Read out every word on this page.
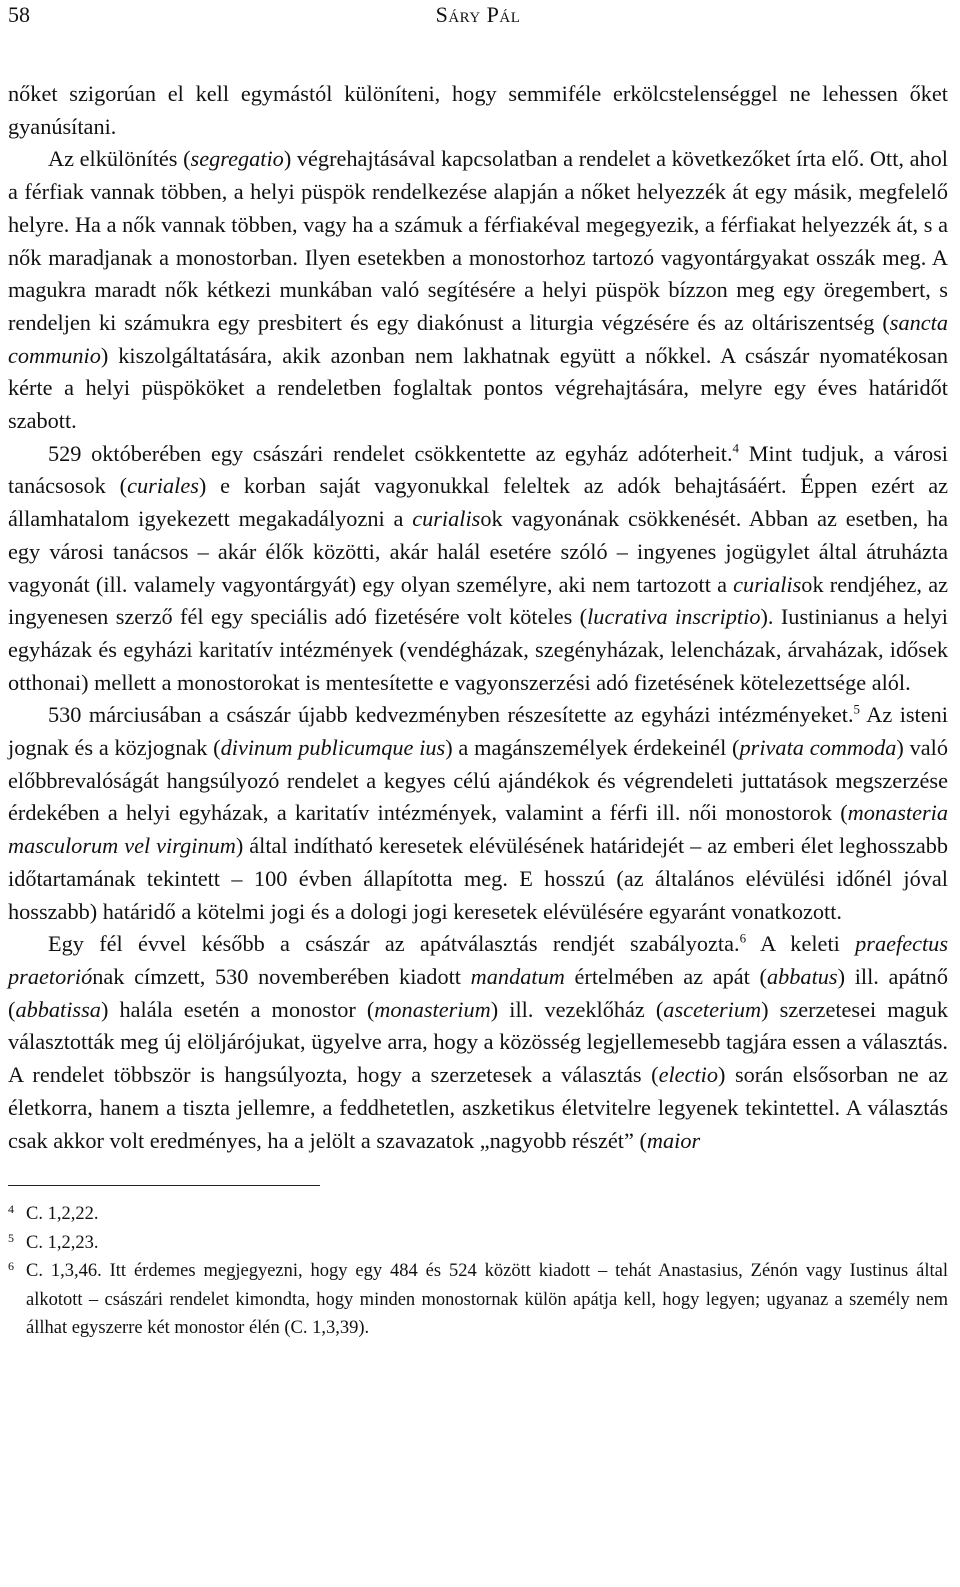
58	Sáry Pál

nőket szigorúan el kell egymástól különíteni, hogy semmiféle erkölcstelenséggel ne lehessen őket gyanúsítani.

Az elkülönítés (segregatio) végrehajtásával kapcsolatban a rendelet a következőket írta elő. Ott, ahol a férfiak vannak többen, a helyi püspök rendelkezése alapján a nőket helyezzék át egy másik, megfelelő helyre. Ha a nők vannak többen, vagy ha a számuk a férfiakéval megegyezik, a férfiakat helyezzék át, s a nők maradjanak a monostorban. Ilyen esetekben a monostorhoz tartozó vagyontárgyakat osszák meg. A magukra maradt nők kétkezi munkában való segítésére a helyi püspök bízzon meg egy öregembert, s rendeljen ki számukra egy presbitert és egy diakónust a liturgia végzésére és az oltáriszentség (sancta communio) kiszolgáltatására, akik azonban nem lakhatnak együtt a nőkkel. A császár nyomatékosan kérte a helyi püspököket a rendeletben foglaltak pontos végrehajtására, melyre egy éves határidőt szabott.

529 októberében egy császári rendelet csökkentette az egyház adóterheit.$^4$ Mint tudjuk, a városi tanácsosok (curiales) e korban saját vagyonukkal feleltek az adók behajtásáért. Éppen ezért az államhatalom igyekezett megakadályozni a curialisok vagyonának csökkenését. Abban az esetben, ha egy városi tanácsos – akár élők közötti, akár halál esetére szóló – ingyenes jogügylet által átruházta vagyonát (ill. valamely vagyontárgyát) egy olyan személyre, aki nem tartozott a curialisok rendjéhez, az ingyenesen szerző fél egy speciális adó fizetésére volt köteles (lucrativa inscriptio). Iustinianus a helyi egyházak és egyházi karitatív intézmények (vendégházak, szegényházak, lelencházak, árvaházak, idősek otthonai) mellett a monostorokat is mentesítette e vagyonszerzési adó fizetésének kötelezettsége alól.

530 márciusában a császár újabb kedvezményben részesítette az egyházi intézményeket.$^5$ Az isteni jognak és a közjognak (divinum publicumque ius) a magánszemélyek érdekeinél (privata commoda) való előbbrevalóságát hangsúlyozó rendelet a kegyes célú ajándékok és végrendeleti juttatások megszerzése érdekében a helyi egyházak, a karitatív intézmények, valamint a férfi ill. női monostorok (monasteria masculorum vel virginum) által indítható keresetek elévülésének határidejét – az emberi élet leghosszabb időtartamának tekintett – 100 évben állapította meg. E hosszú (az általános elévülési időnél jóval hosszabb) határidő a kötelmi jogi és a dologi jogi keresetek elévülésére egyaránt vonatkozott.

Egy fél évvel később a császár az apátválasztás rendjét szabályozta.$^6$ A keleti praefectus praetoriónak címzett, 530 novemberében kiadott mandatum értelmében az apát (abbatus) ill. apátnő (abbatissa) halála esetén a monostor (monasterium) ill. vezeklőház (asceterium) szerzetesei maguk választották meg új elöljárójukat, ügyelve arra, hogy a közösség legjellemesebb tagjára essen a választás. A rendelet többször is hangsúlyozta, hogy a szerzetesek a választás (electio) során elsősorban ne az életkorra, hanem a tiszta jellemre, a feddhetetlen, aszketikus életvitelre legyenek tekintettel. A választás csak akkor volt eredményes, ha a jelölt a szavazatok „nagyobb részét” (maior

4 C. 1,2,22.
5 C. 1,2,23.
6 C. 1,3,46. Itt érdemes megjegyezni, hogy egy 484 és 524 között kiadott – tehát Anastasius, Zénón vagy Iustinus által alkotott – császári rendelet kimondta, hogy minden monostornak külön apátja kell, hogy legyen; ugyanaz a személy nem állhat egyszerre két monostor élén (C. 1,3,39).
